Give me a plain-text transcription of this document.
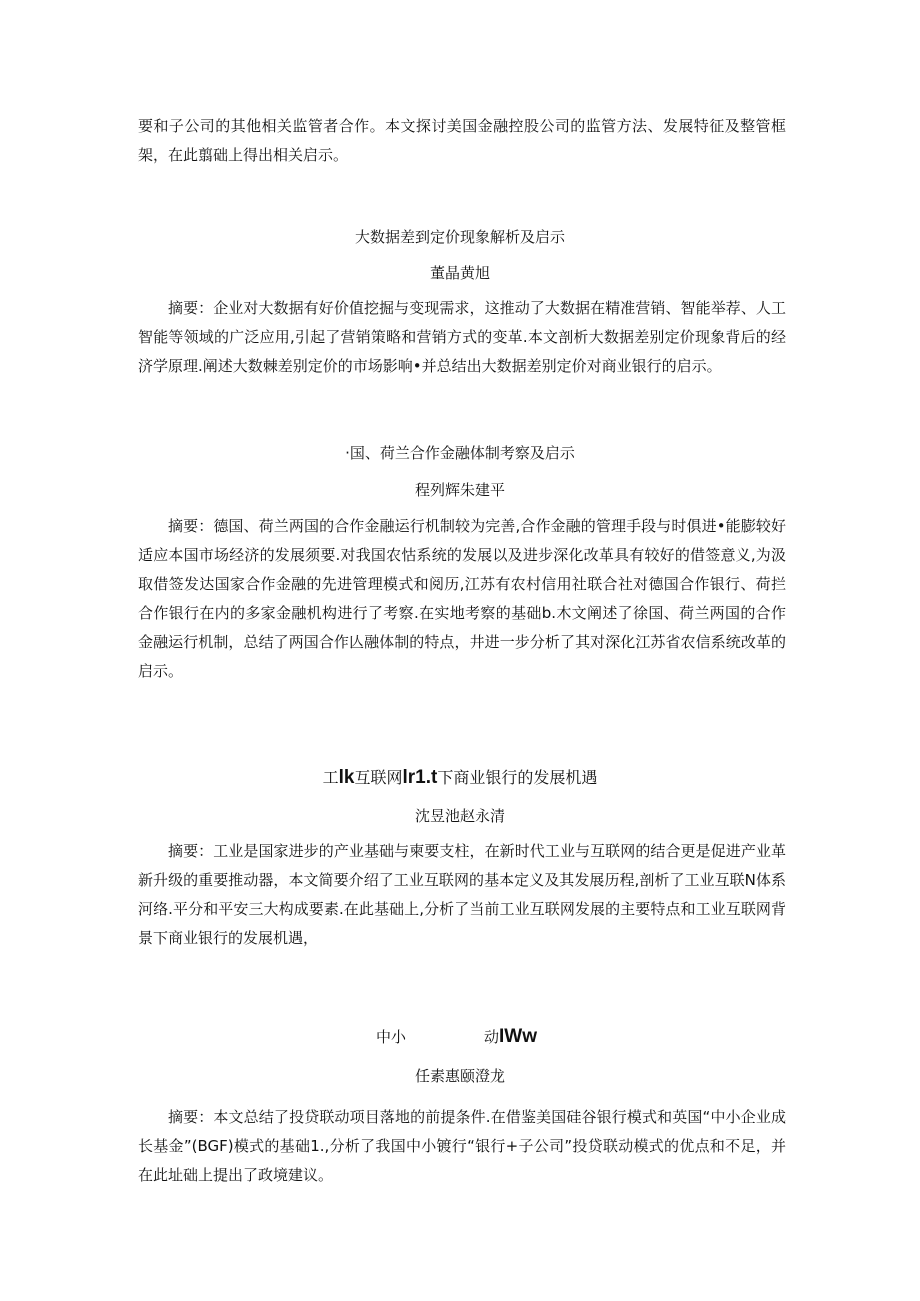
要和子公司的其他相关监管者合作。本文探讨美国金融控股公司的监管方法、发展特征及整管框架，在此翦础上得出相关启示。

大数据差到定价现象解析及启示

董晶黄旭

摘要：企业对大数据有好价值挖掘与变现需求，这推动了大数据在精准营销、智能举荐、人工智能等领域的广泛应用,引起了营销策略和营销方式的变革.本文剖析大数据差别定价现象背后的经济学原理.阐述大数棘差别定价的市场影响•并总结出大数据差别定价对商业银行的启示。

·国、荷兰合作金融体制考察及启示

程列辉朱建平

摘要：德国、荷兰两国的合作金融运行机制较为完善,合作金融的管理手段与时俱进•能膨较好适应本国市场经济的发展须要.对我国农怙系统的发展以及进步深化改革具有较好的借签意义,为汲取借签发达国家合作金融的先进管理模式和阅历,江苏有农村信用社联合社对德国合作银行、荷拦合作银行在内的多家金融机构进行了考察.在实地考察的基础b.木文阐述了徐国、荷兰两国的合作金融运行机制，总结了两国合作亾融体制的特点，井进一步分析了其对深化江苏省农信系统改革的启示。

工lk互联网lr1.t下商业银行的发展机遇

沈昱池赵永清

摘要：工业是国家进步的产业基础与柬要支柱，在新时代工业与互联网的结合更是促进产业革新升级的重要推动器，本文简要介绍了工业互联网的基本定义及其发展历程,剖析了工业互联N体系河络.平分和平安三大构成要素.在此基础上,分析了当前工业互联网发展的主要特点和工业互联网背景下商业银行的发展机遇，

中小	动IWw

任素惠颐澄龙

摘要：本文总结了投贷联动项目落地的前提条件.在借鉴美国硅谷银行模式和英国“中小企业成长基金”(BGF)模式的基础1.,分析了我国中小镀行“银行+子公司”投贷联动模式的优点和不足，并在此址础上提出了政境建议。
